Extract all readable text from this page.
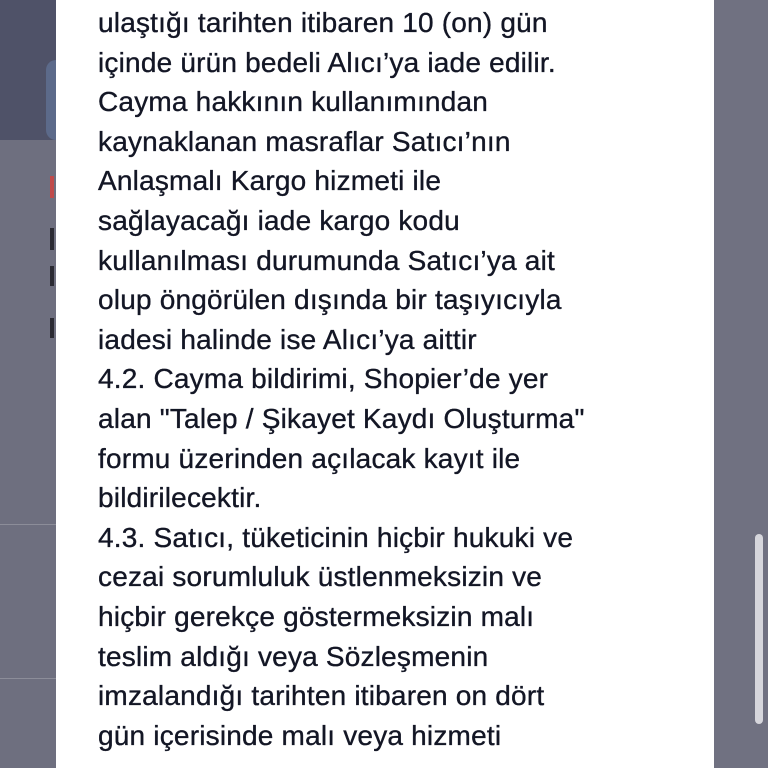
ulaştığı tarihten itibaren 10 (on) gün
içinde ürün bedeli Alıcı’ya iade edilir.
Cayma hakkının kullanımından
kaynaklanan masraflar Satıcı’nın
Anlaşmalı Kargo hizmeti ile
sağlayacağı iade kargo kodu
kullanılması durumunda Satıcı’ya ait
olup öngörülen dışında bir taşıyıcıyla
iadesi halinde ise Alıcı’ya aittir
4.2. Cayma bildirimi, Shopier’de yer
alan "Talep / Şikayet Kaydı Oluşturma"
formu üzerinden açılacak kayıt ile
bildirilecektir.
4.3. Satıcı, tüketicinin hiçbir hukuki ve
cezai sorumluluk üstlenmeksizin ve
hiçbir gerekçe göstermeksizin malı
teslim aldığı veya Sözleşmenin
imzalandığı tarihten itibaren on dört
gün içerisinde malı veya hizmeti
